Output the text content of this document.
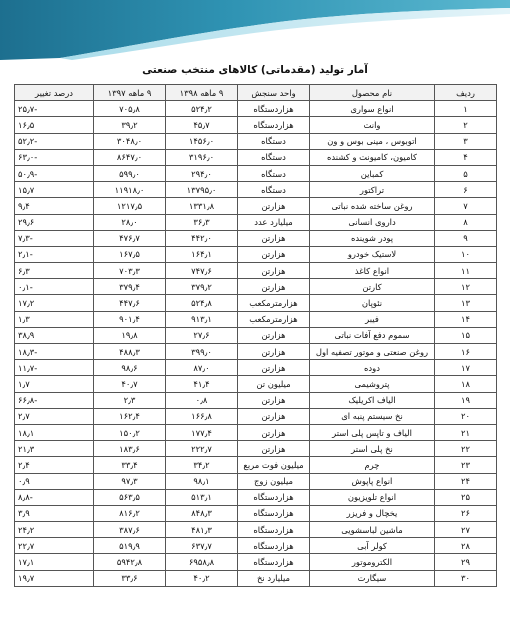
آمار تولید (مقدماتی) کالاهای منتخب صنعتی
ردیف	نام محصول	واحد سنجش	۹ ماهه ۱۳۹۸	۹ ماهه ۱۳۹۷	درصد تغییر
۱	انواع سواری	هزاردستگاه	۵۲۴٫۲	۷۰۵٫۸	-۲۵٫۷
۲	وانت	هزاردستگاه	۴۵٫۷	۳۹٫۲	۱۶٫۵
۳	اتوبوس ، مینی بوس و ون	دستگاه	۱۴۵۶٫۰	۳۰۴۸٫۰	-۵۲٫۲
۴	کامیون، کامیونت و کشنده	دستگاه	۳۱۹۶٫۰	۸۶۴۷٫۰	-۶۳٫۰
۵	کمباین	دستگاه	۲۹۴٫۰	۵۹۹٫۰	-۵۰٫۹
۶	تراکتور	دستگاه	۱۳۷۹۵٫۰	۱۱۹۱۸٫۰	۱۵٫۷
۷	روغن ساخته شده نباتی	هزارتن	۱۳۳۱٫۸	۱۲۱۷٫۵	۹٫۴
۸	داروی انسانی	میلیارد عدد	۳۶٫۳	۲۸٫۰	۲۹٫۶
۹	پودر شوینده	هزارتن	۴۴۲٫۰	۴۷۶٫۷	-۷٫۳
۱۰	لاستیک خودرو	هزارتن	۱۶۴٫۱	۱۶۷٫۵	-۲٫۱
۱۱	انواع کاغذ	هزارتن	۷۴۷٫۶	۷۰۳٫۳	۶٫۳
۱۲	کارتن	هزارتن	۳۷۹٫۲	۳۷۹٫۴	-۰٫۱
۱۳	نئوپان	هزارمترمکعب	۵۲۴٫۸	۴۴۷٫۶	۱۷٫۲
۱۴	فیبر	هزارمترمکعب	۹۱۳٫۱	۹۰۱٫۴	۱٫۳
۱۵	سموم دفع آفات نباتی	هزارتن	۲۷٫۶	۱۹٫۸	۳۸٫۹
۱۶	روغن صنعتی و موتور تصفیه اول	هزارتن	۳۹۹٫۰	۴۸۸٫۳	-۱۸٫۳
۱۷	دوده	هزارتن	۸۷٫۰	۹۸٫۶	-۱۱٫۷
۱۸	پتروشیمی	میلیون تن	۴۱٫۴	۴۰٫۷	۱٫۷
۱۹	الیاف اکریلیک	هزارتن	۰٫۸	۲٫۳	-۶۶٫۸
۲۰	نخ سیستم پنبه ای	هزارتن	۱۶۶٫۸	۱۶۲٫۴	۲٫۷
۲۱	الیاف و تاپس پلی استر	هزارتن	۱۷۷٫۴	۱۵۰٫۲	۱۸٫۱
۲۲	نخ پلی استر	هزارتن	۲۲۲٫۷	۱۸۳٫۶	۲۱٫۳
۲۳	چرم	میلیون فوت مربع	۳۴٫۲	۳۳٫۴	۲٫۴
۲۴	انواع پاپوش	میلیون زوج	۹۸٫۱	۹۷٫۳	۰٫۹
۲۵	انواع تلویزیون	هزاردستگاه	۵۱۳٫۱	۵۶۳٫۵	-۸٫۸
۲۶	یخچال و فریزر	هزاردستگاه	۸۴۸٫۳	۸۱۶٫۲	۳٫۹
۲۷	ماشین لباسشویی	هزاردستگاه	۴۸۱٫۳	۳۸۷٫۶	۲۴٫۲
۲۸	کولر آبی	هزاردستگاه	۶۳۷٫۷	۵۱۹٫۹	۲۲٫۷
۲۹	الکتروموتور	هزاردستگاه	۶۹۵۸٫۸	۵۹۴۲٫۸	۱۷٫۱
۳۰	سیگارت	میلیارد نخ	۴۰٫۲	۳۳٫۶	۱۹٫۷
